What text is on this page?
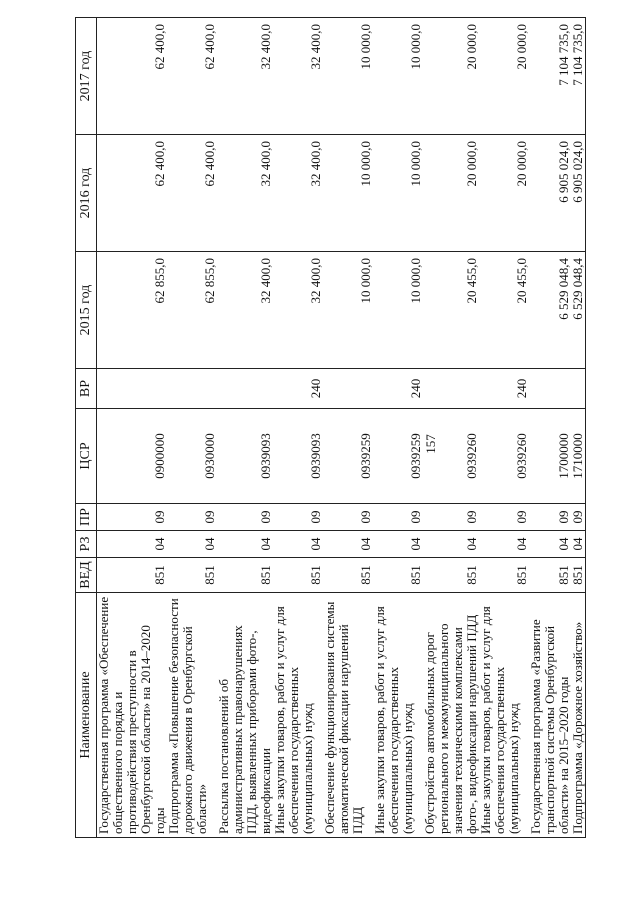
157
Наименование	ВЕД	РЗ	ПР	ЦСР	ВР	2015 год	2016 год	2017 год
Государственная программа «Обеспечение общественного порядка и противодействия преступности в Оренбургской области» на 2014–2020 годы	851	04	09	0900000		62 855,0	62 400,0	62 400,0
Подпрограмма «Повышение безопасности дорожного движения в Оренбургской области»	851	04	09	0930000		62 855,0	62 400,0	62 400,0
Рассылка постановлений об административных правонарушениях ПДД, выявленных приборами фото-, видеофиксации	851	04	09	0939093		32 400,0	32 400,0	32 400,0
Иные закупки товаров, работ и услуг для обеспечения государственных (муниципальных) нужд	851	04	09	0939093	240	32 400,0	32 400,0	32 400,0
Обеспечение функционирования системы автоматической фиксации нарушений ПДД	851	04	09	0939259		10 000,0	10 000,0	10 000,0
Иные закупки товаров, работ и услуг для обеспечения государственных (муниципальных) нужд	851	04	09	0939259	240	10 000,0	10 000,0	10 000,0
Обустройство автомобильных дорог регионального и межмуниципального значения техническими комплексами фото-, видеофиксации нарушений ПДД	851	04	09	0939260		20 455,0	20 000,0	20 000,0
Иные закупки товаров, работ и услуг для обеспечения государственных (муниципальных) нужд	851	04	09	0939260	240	20 455,0	20 000,0	20 000,0
Государственная программа «Развитие транспортной системы Оренбургской области» на 2015–2020 годы	851	04	09	1700000		6 529 048,4	6 905 024,0	7 104 735,0
Подпрограмма «Дорожное хозяйство»	851	04	09	1710000		6 529 048,4	6 905 024,0	7 104 735,0
